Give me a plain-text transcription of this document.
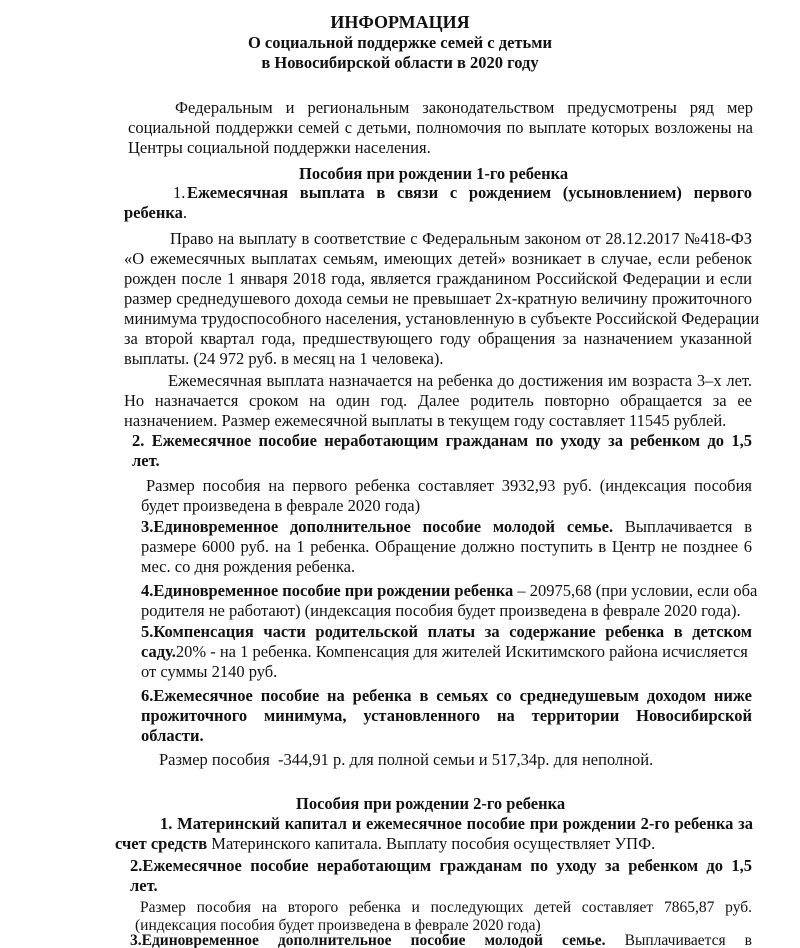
ИНФОРМАЦИЯ
О социальной поддержке семей с детьми
в Новосибирской области в 2020 году
Федеральным и региональным законодательством предусмотрены ряд мер
социальной поддержки семей с детьми, полномочия по выплате которых возложены на
Центры социальной поддержки населения.
Пособия при рождении 1-го ребенка
1. Ежемесячная выплата в связи с рождением (усыновлением) первого
ребенка.
Право на выплату в соответствие с Федеральным законом от 28.12.2017 №418-ФЗ
«О ежемесячных выплатах семьям, имеющих детей» возникает в случае, если ребенок
рожден после 1 января 2018 года, является гражданином Российской Федерации и если
размер среднедушевого дохода семьи не превышает 2х-кратную величину прожиточного
минимума трудоспособного населения, установленную в субъекте Российской Федерации
за второй квартал года, предшествующего году обращения за назначением указанной
выплаты. (24 972 руб. в месяц на 1 человека).
Ежемесячная выплата назначается на ребенка до достижения им возраста 3–х лет.
Но назначается сроком на один год. Далее родитель повторно обращается за ее
назначением. Размер ежемесячной выплаты в текущем году составляет 11545 рублей.
2. Ежемесячное пособие неработающим гражданам по уходу за ребенком до 1,5
лет.
Размер пособия на первого ребенка составляет 3932,93 руб. (индексация пособия
будет произведена в феврале 2020 года)
3.Единовременное дополнительное пособие молодой семье. Выплачивается в
размере 6000 руб. на 1 ребенка. Обращение должно поступить в Центр не позднее 6
мес. со дня рождения ребенка.
4.Единовременное пособие при рождении ребенка – 20975,68 (при условии, если оба
родителя не работают) (индексация пособия будет произведена в феврале 2020 года).
5.Компенсация части родительской платы за содержание ребенка в детском
саду.20% - на 1 ребенка. Компенсация для жителей Искитимского района исчисляется
от суммы 2140 руб.
6.Ежемесячное пособие на ребенка в семьях со среднедушевым доходом ниже
прожиточного минимума, установленного на территории Новосибирской
области.
Размер пособия  -344,91 р. для полной семьи и 517,34р. для неполной.
Пособия при рождении 2-го ребенка
1. Материнский капитал и ежемесячное пособие при рождении 2-го ребенка за
счет средств Материнского капитала. Выплату пособия осуществляет УПФ.
2.Ежемесячное пособие неработающим гражданам по уходу за ребенком до 1,5
лет.
Размер пособия на второго ребенка и последующих детей составляет 7865,87 руб.
(индексация пособия будет произведена в феврале 2020 года)
3.Единовременное дополнительное пособие молодой семье. Выплачивается в
